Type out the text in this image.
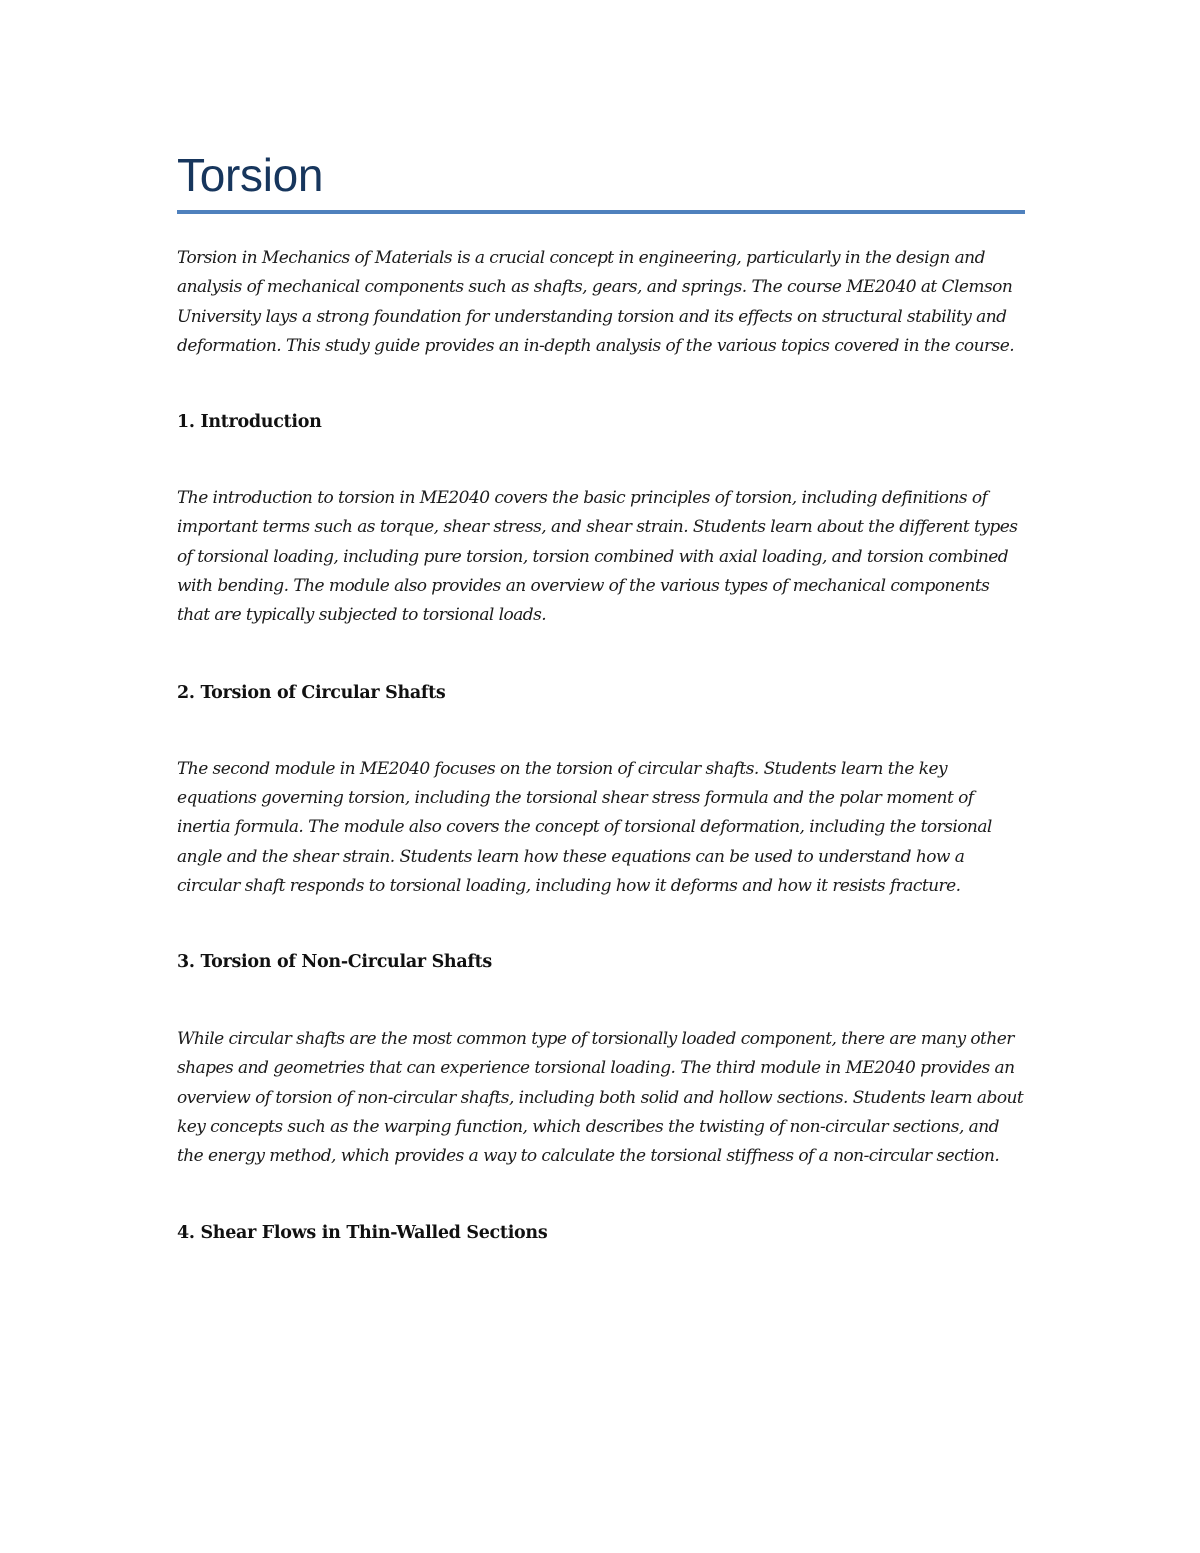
Torsion

Torsion in Mechanics of Materials is a crucial concept in engineering, particularly in the design and analysis of mechanical components such as shafts, gears, and springs. The course ME2040 at Clemson University lays a strong foundation for understanding torsion and its effects on structural stability and deformation. This study guide provides an in-depth analysis of the various topics covered in the course.

1. Introduction

The introduction to torsion in ME2040 covers the basic principles of torsion, including definitions of important terms such as torque, shear stress, and shear strain. Students learn about the different types of torsional loading, including pure torsion, torsion combined with axial loading, and torsion combined with bending. The module also provides an overview of the various types of mechanical components that are typically subjected to torsional loads.

2. Torsion of Circular Shafts

The second module in ME2040 focuses on the torsion of circular shafts. Students learn the key equations governing torsion, including the torsional shear stress formula and the polar moment of inertia formula. The module also covers the concept of torsional deformation, including the torsional angle and the shear strain. Students learn how these equations can be used to understand how a circular shaft responds to torsional loading, including how it deforms and how it resists fracture.

3. Torsion of Non-Circular Shafts

While circular shafts are the most common type of torsionally loaded component, there are many other shapes and geometries that can experience torsional loading. The third module in ME2040 provides an overview of torsion of non-circular shafts, including both solid and hollow sections. Students learn about key concepts such as the warping function, which describes the twisting of non-circular sections, and the energy method, which provides a way to calculate the torsional stiffness of a non-circular section.

4. Shear Flows in Thin-Walled Sections
